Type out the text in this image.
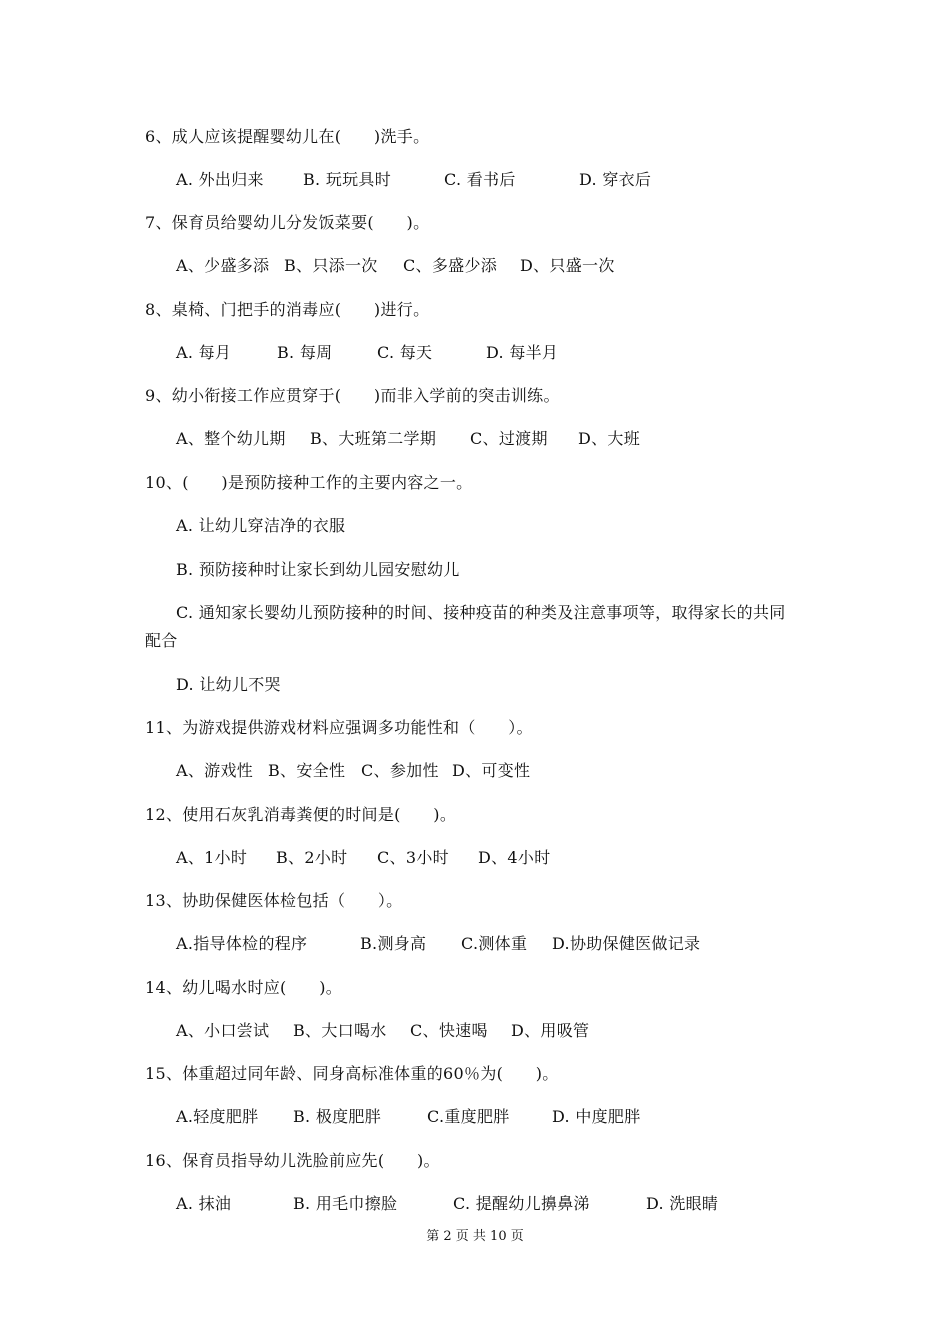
6、成人应该提醒婴幼儿在(　　)洗手。
A. 外出归来 B. 玩玩具时	C. 看书后	D. 穿衣后
7、保育员给婴幼儿分发饭菜要(　　)。
A、少盛多添 B、只添一次 C、多盛少添 D、只盛一次
8、桌椅、门把手的消毒应(　　)进行。
A. 每月	B. 每周	C. 每天	D. 每半月
9、幼小衔接工作应贯穿于(　　)而非入学前的突击训练。
A、整个幼儿期 B、大班第二学期 C、过渡期 D、大班
10、(　　)是预防接种工作的主要内容之一。
A. 让幼儿穿洁净的衣服
B. 预防接种时让家长到幼儿园安慰幼儿
C. 通知家长婴幼儿预防接种的时间、接种疫苗的种类及注意事项等，取得家长的共同
配合
D. 让幼儿不哭
11、为游戏提供游戏材料应强调多功能性和（　　）。
A、游戏性 B、安全性 C、参加性 D、可变性
12、使用石灰乳消毒粪便的时间是(　　)。
A、1小时 B、2小时 C、3小时 D、4小时
13、协助保健医体检包括（　　）。
A.指导体检的程序	B.测身高 C.测体重 D.协助保健医做记录
14、幼儿喝水时应(　　)。
A、小口尝试 B、大口喝水 C、快速喝 D、用吸管
15、体重超过同年龄、同身高标准体重的60％为(　　)。
A.轻度肥胖 B. 极度肥胖	C.重度肥胖	D. 中度肥胖
16、保育员指导幼儿洗脸前应先(　　)。
A. 抹油	B. 用毛巾擦脸	C. 提醒幼儿擤鼻涕	D. 洗眼睛
第 2 页 共 10 页
